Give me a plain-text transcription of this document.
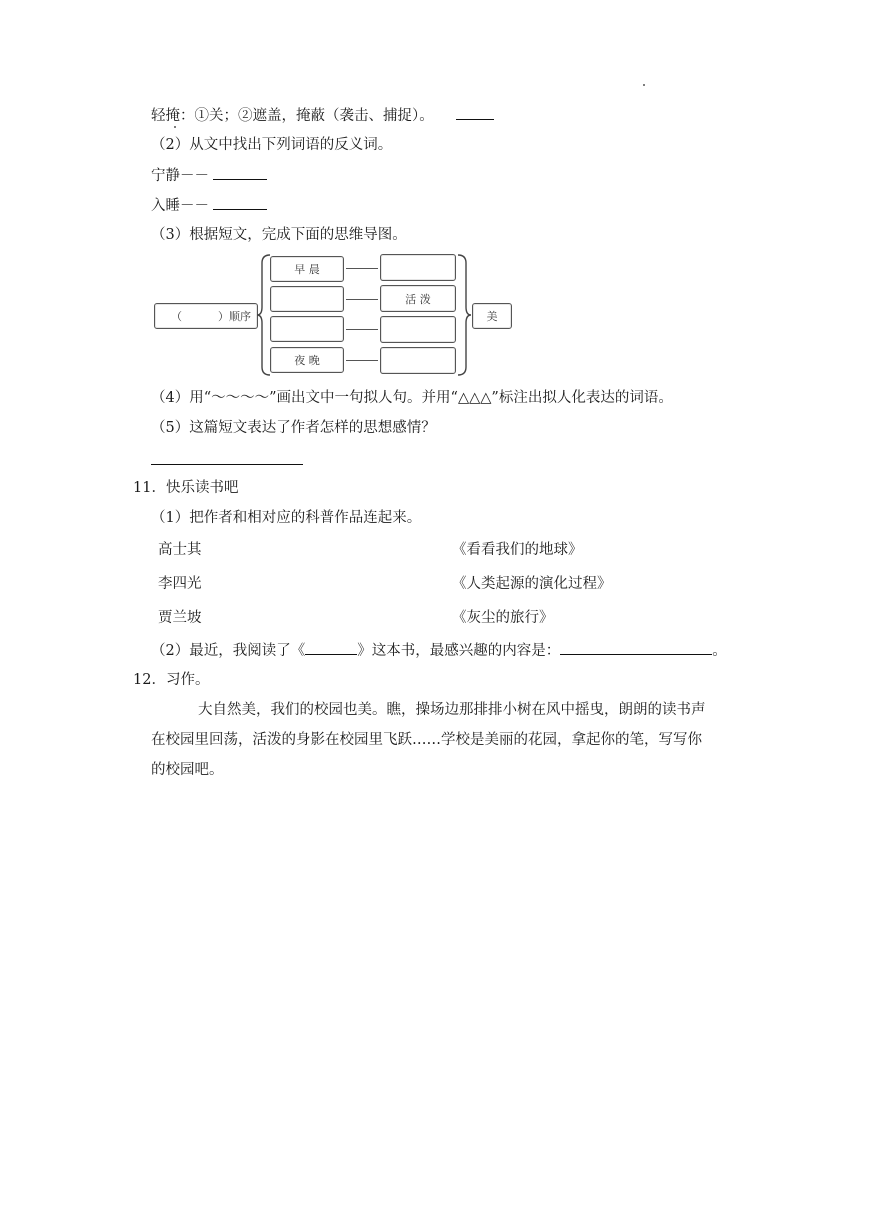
轻掩：①关；②遮盖，掩蔽（袭击、捕捉）。
（2）从文中找出下列词语的反义词。
宁静－－
入睡－－
（3）根据短文，完成下面的思维导图。
（	）顺序
早 晨
夜 晚
活 泼
美
（4）用“～～～～”画出文中一句拟人句。并用“△△△”标注出拟人化表达的词语。
（5）这篇短文表达了作者怎样的思想感情？
11．快乐读书吧
（1）把作者和相对应的科普作品连起来。
高士其	《看看我们的地球》
李四光	《人类起源的演化过程》
贾兰坡	《灰尘的旅行》
（2）最近，我阅读了《	》这本书，最感兴趣的内容是：	。
12．习作。
大自然美，我们的校园也美。瞧，操场边那排排小树在风中摇曳，朗朗的读书声
在校园里回荡，活泼的身影在校园里飞跃……学校是美丽的花园，拿起你的笔，写写你
的校园吧。
